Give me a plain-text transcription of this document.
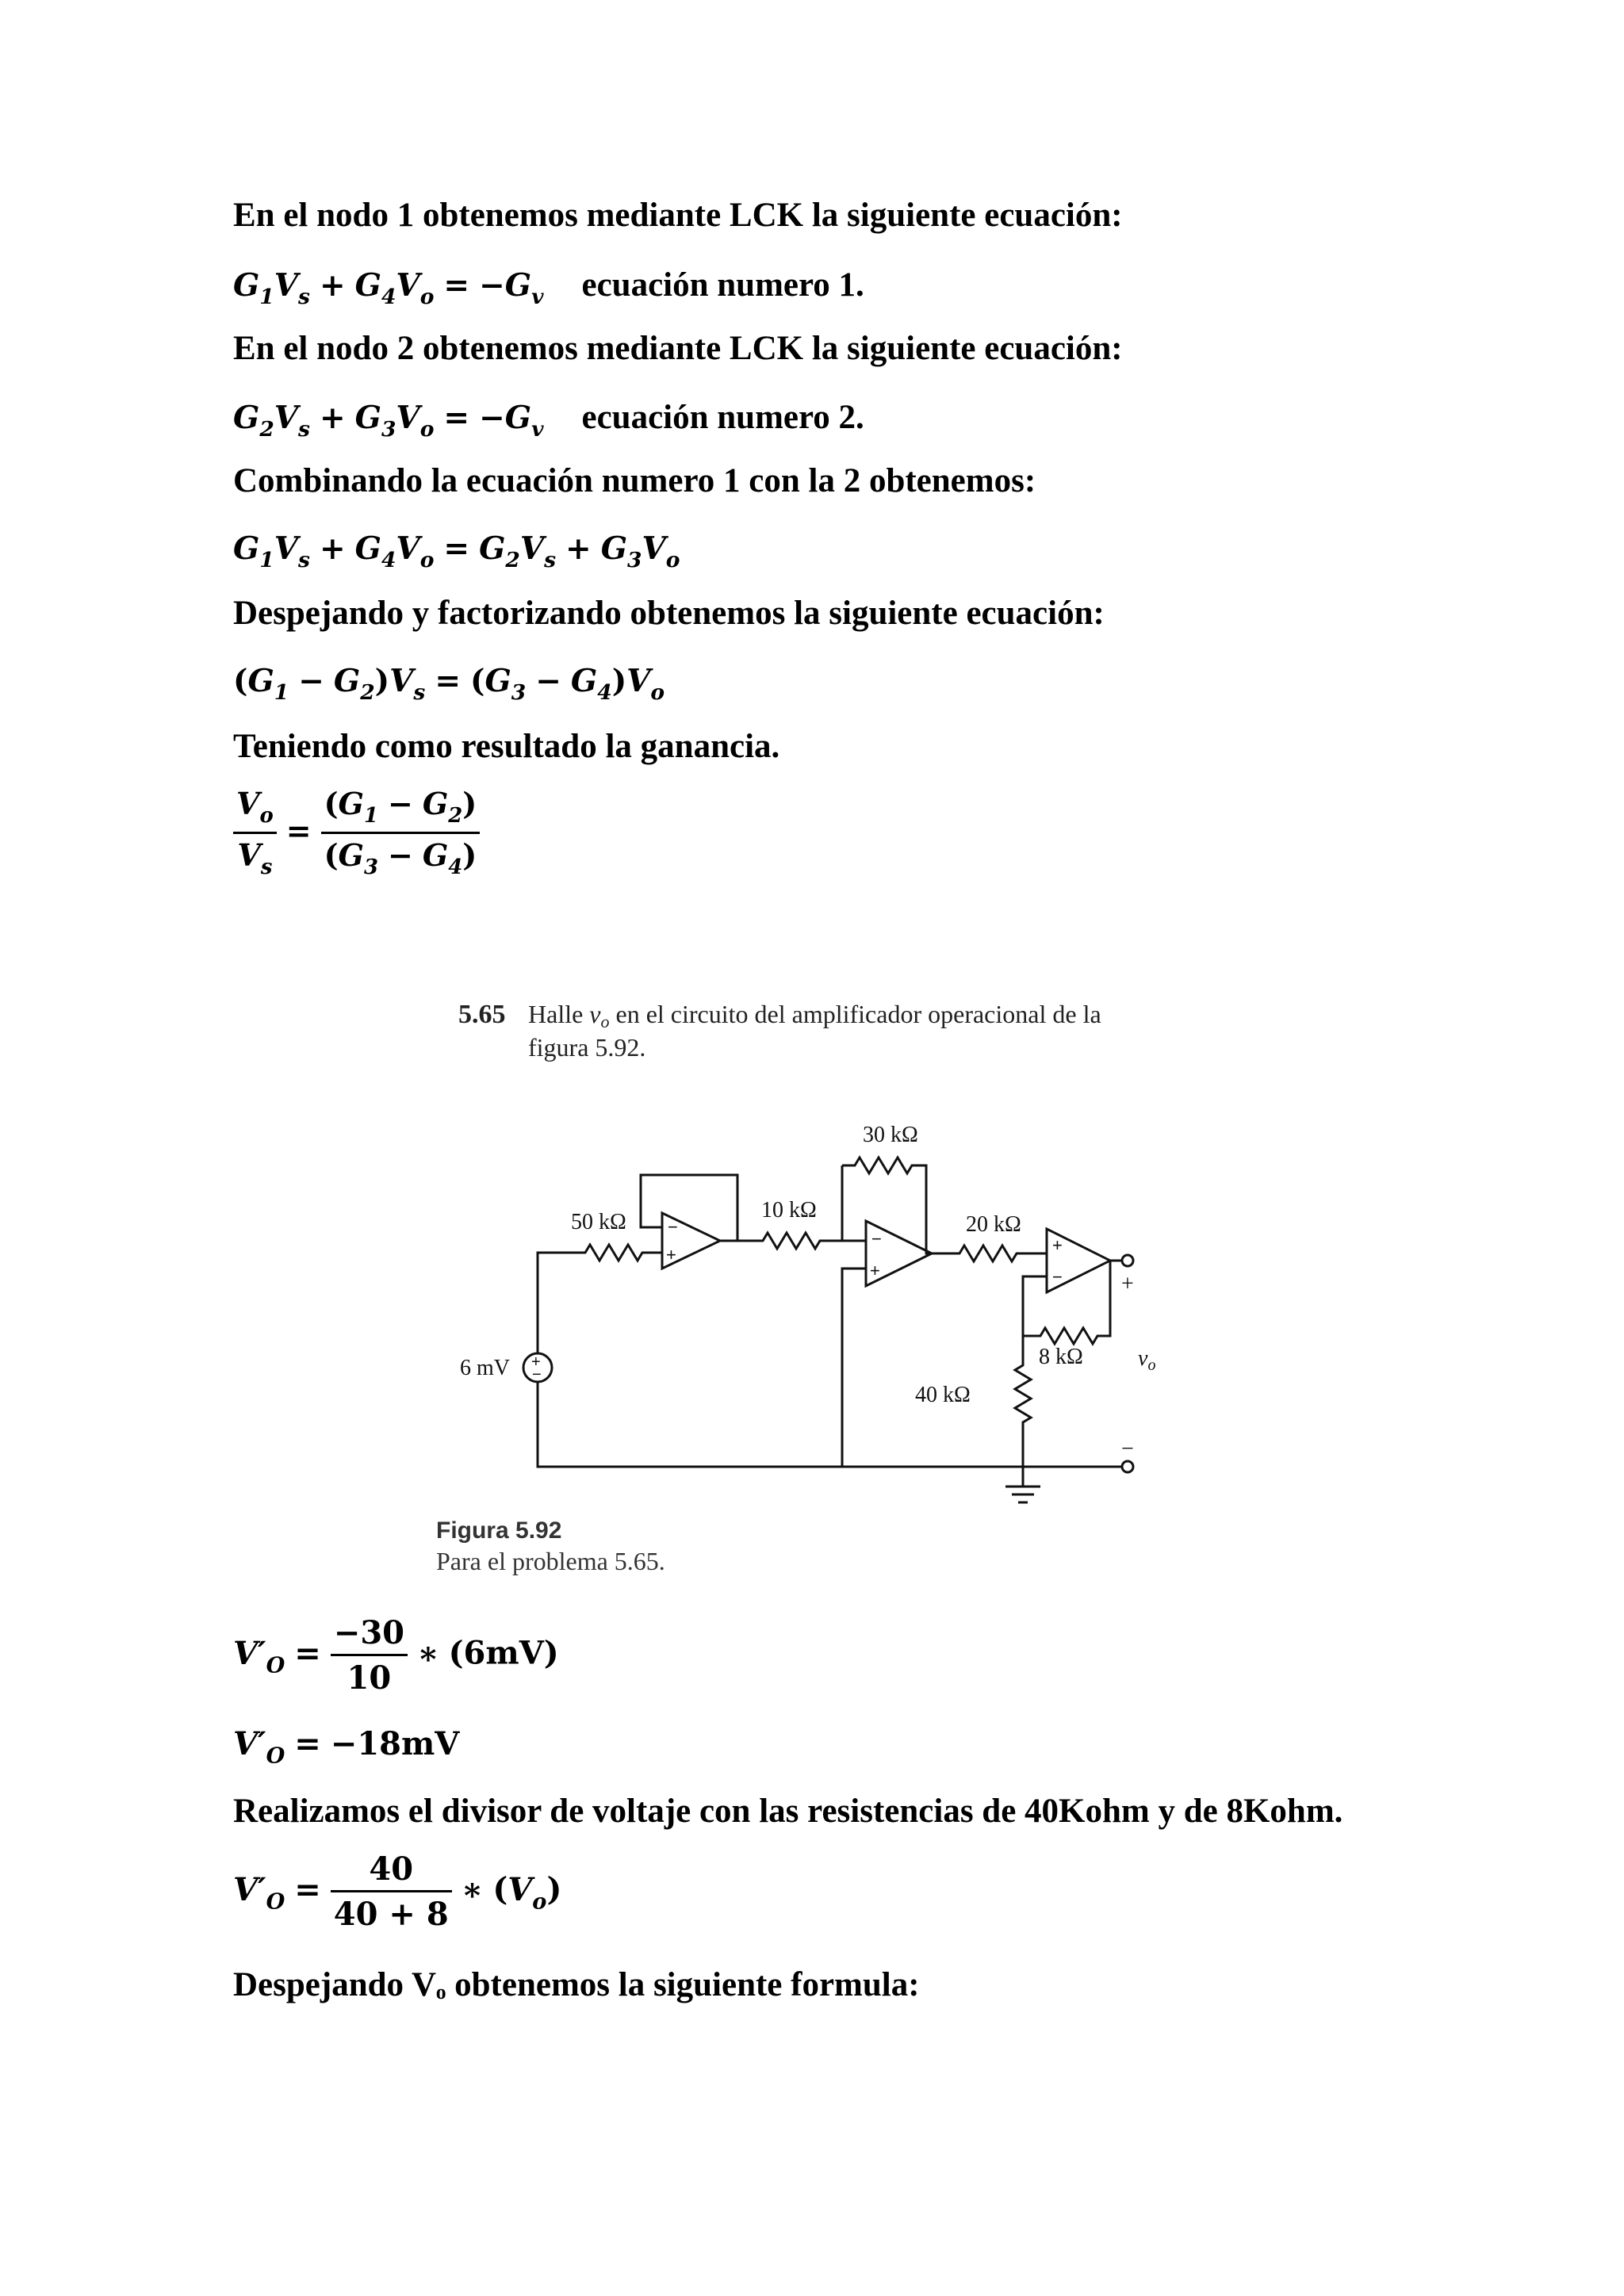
En el nodo 1 obtenemos mediante LCK la siguiente ecuación:
$G_1V_s + G_4V_o = -G_v$ ecuación numero 1.
En el nodo 2 obtenemos mediante LCK la siguiente ecuación:
$G_2V_s + G_3V_o = -G_v$ ecuación numero 2.
Combinando la ecuación numero 1 con la 2 obtenemos:
$G_1V_s + G_4V_o = G_2V_s + G_3V_o$
Despejando y factorizando obtenemos la siguiente ecuación:
$(G_1 - G_2)V_s = (G_3 - G_4)V_o$
Teniendo como resultado la ganancia.
$\frac{V_o}{V_s} = \frac{(G_1 - G_2)}{(G_3 - G_4)}$
−
+
−
+
+
−
+
−
5.65 Halle vo en el circuito del amplificador operacional de la
figura 5.92.
30 kΩ
50 kΩ	10 kΩ
20 kΩ
8 kΩ
40 kΩ
6 mV	$v_o$
+
−
Figura 5.92
Para el problema 5.65.
$V'_O = \frac{-30}{10}$ ∗ (6mV)
$V'_O = -18mV$
Realizamos el divisor de voltaje con las resistencias de 40Kohm y de 8Kohm.
$V'_O = \frac{40}{40 + 8}$ ∗ $(V_o)$
Despejando Vₒ obtenemos la siguiente formula:
